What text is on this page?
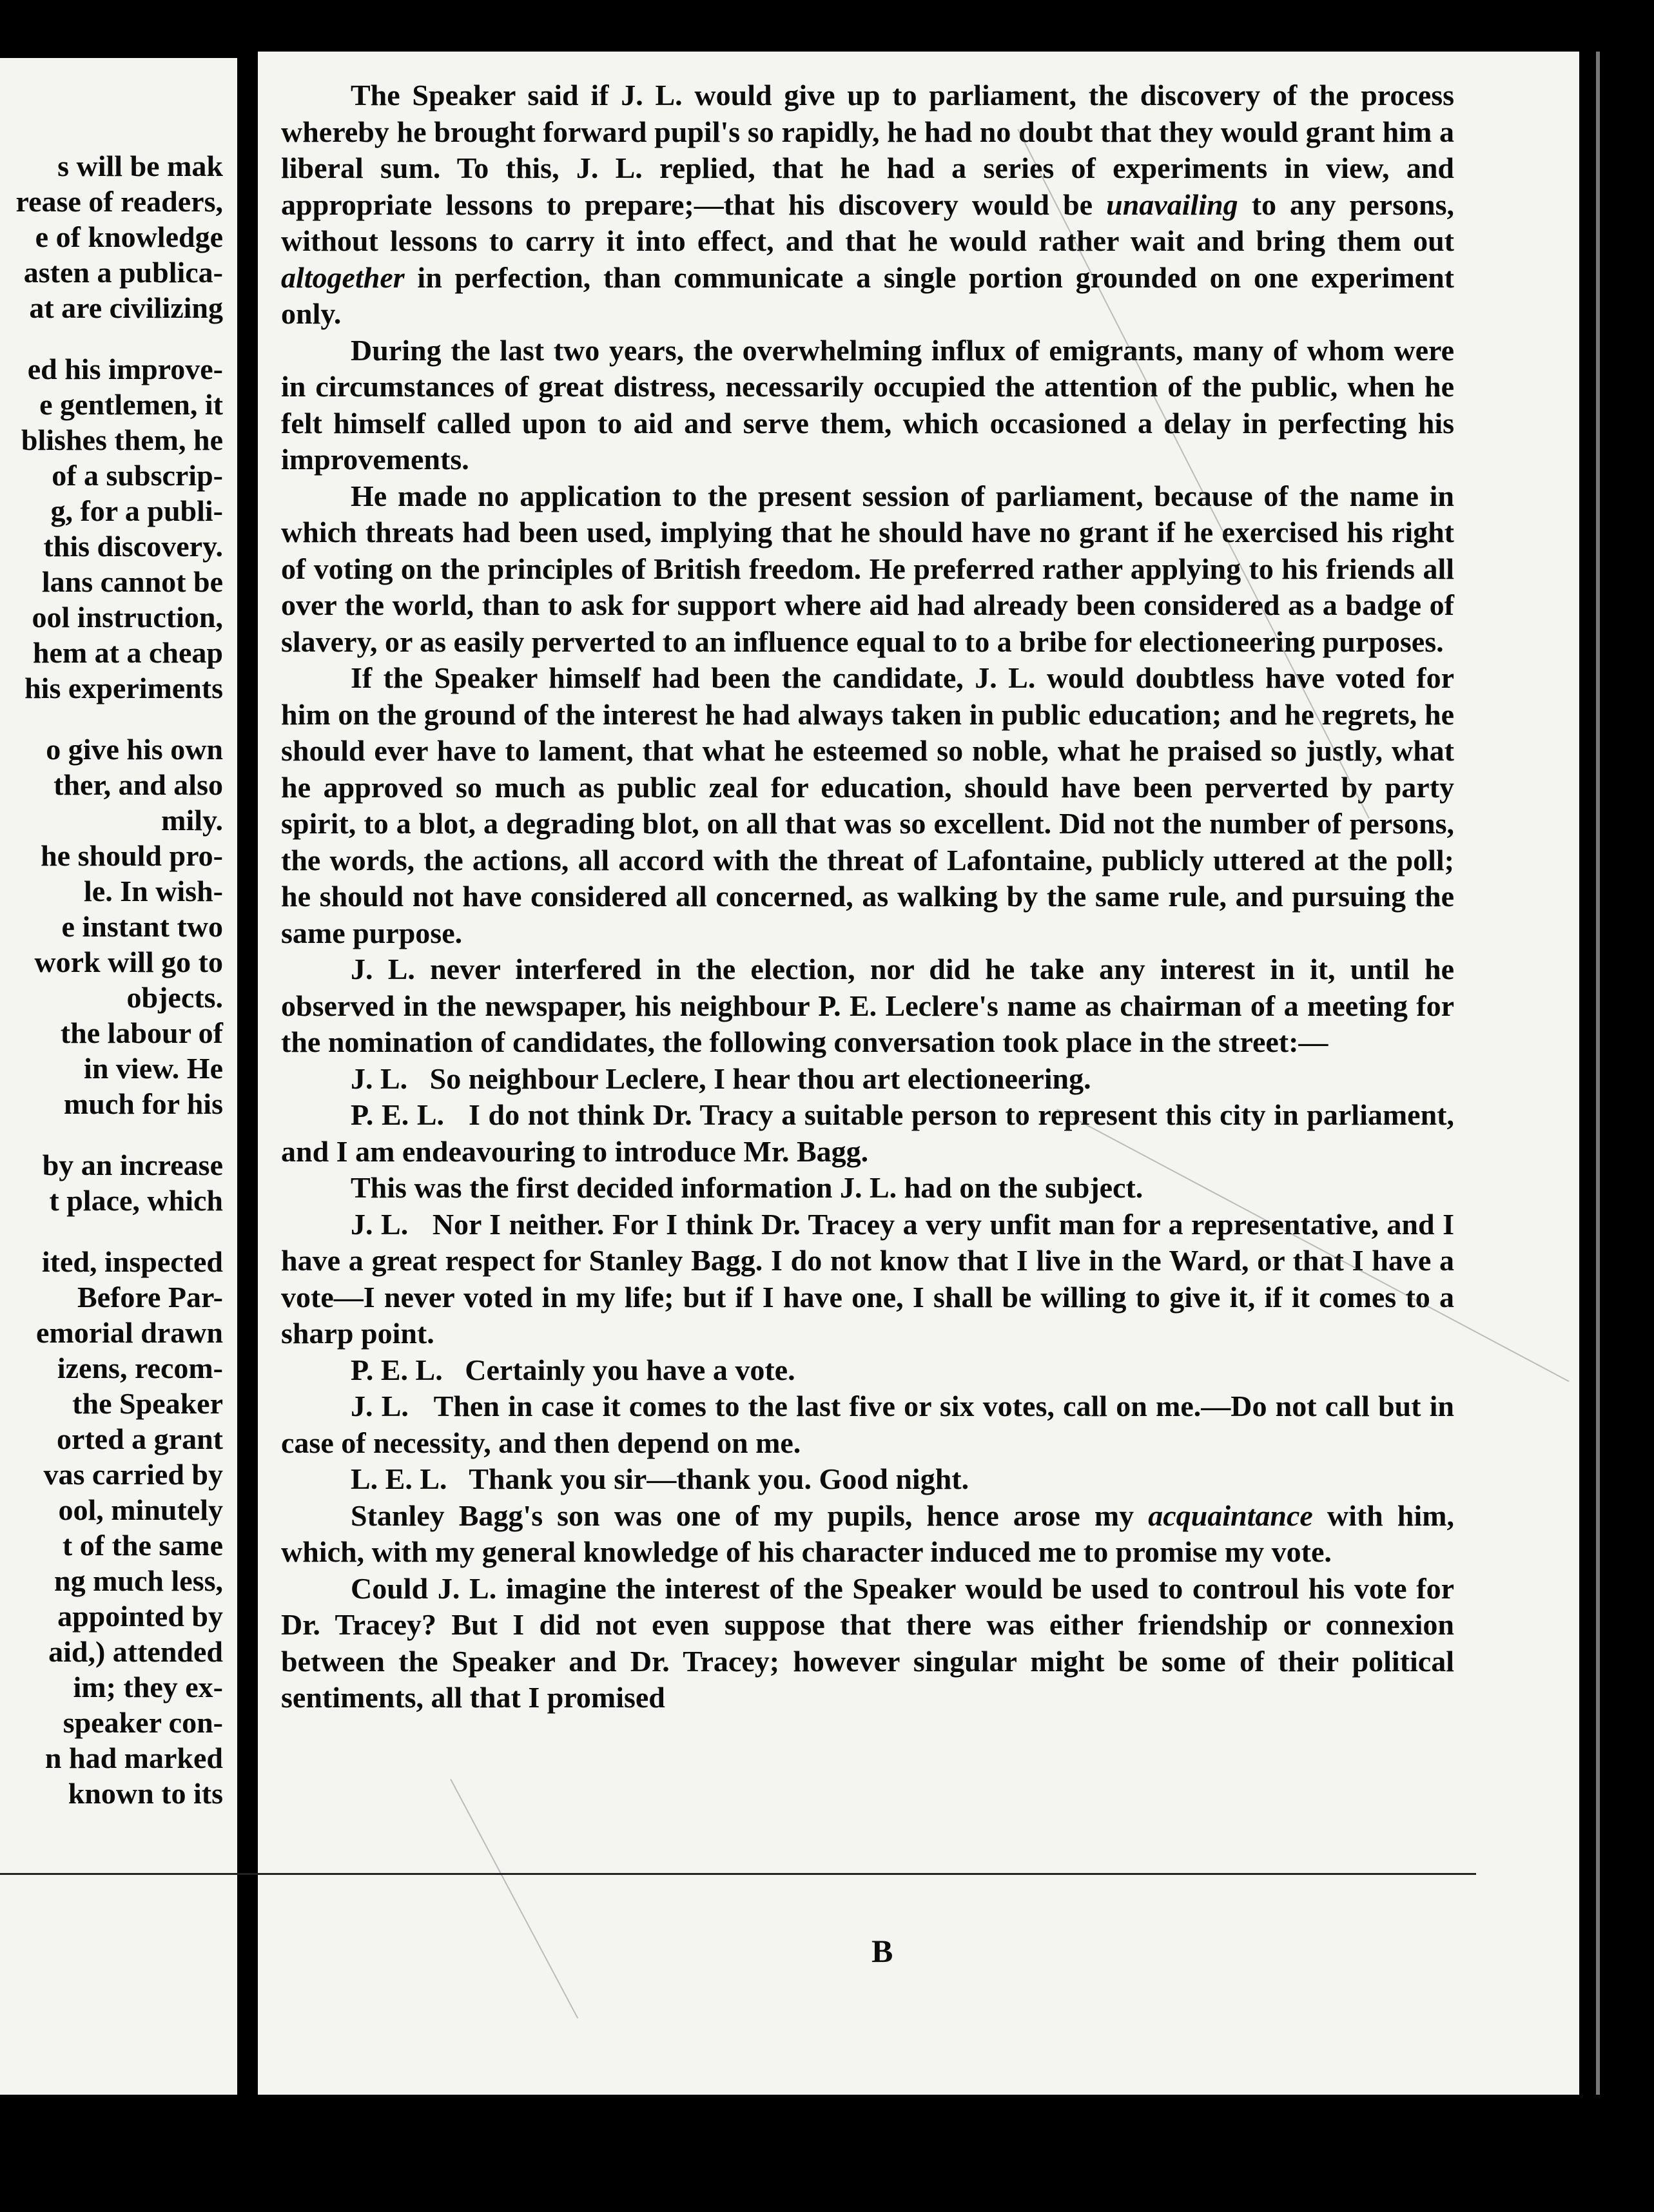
s will be mak
rease of readers,
e of knowledge
asten a publica-
at are civilizing
ed his improve-
e gentlemen, it
blishes them, he
of a subscrip-
g, for a publi-
this discovery.
lans cannot be
ool instruction,
hem at a cheap
his experiments
o give his own
ther, and also
mily.
he should pro-
le. In wish-
e instant two
work will go to
objects.
the labour of
in view. He
much for his
by an increase
t place, which
ited, inspected
Before Par-
emorial drawn
izens, recom-
the Speaker
orted a grant
vas carried by
ool, minutely
t of the same
ng much less,
appointed by
aid,) attended
im; they ex-
speaker con-
n had marked
known to its

The Speaker said if J. L. would give up to parliament, the discovery of the process whereby he brought forward pupil's so rapidly, he had no doubt that they would grant him a liberal sum. To this, J. L. replied, that he had a series of experiments in view, and appropriate lessons to prepare;—that his discovery would be unavailing to any persons, without lessons to carry it into effect, and that he would rather wait and bring them out altogether in perfection, than communicate a single portion grounded on one experiment only.

During the last two years, the overwhelming influx of emigrants, many of whom were in circumstances of great distress, necessarily occupied the attention of the public, when he felt himself called upon to aid and serve them, which occasioned a delay in perfecting his improvements.

He made no application to the present session of parliament, because of the name in which threats had been used, implying that he should have no grant if he exercised his right of voting on the principles of British freedom. He preferred rather applying to his friends all over the world, than to ask for support where aid had already been considered as a badge of slavery, or as easily perverted to an influence equal to to a bribe for electioneering purposes.

If the Speaker himself had been the candidate, J. L. would doubtless have voted for him on the ground of the interest he had always taken in public education; and he regrets, he should ever have to lament, that what he esteemed so noble, what he praised so justly, what he approved so much as public zeal for education, should have been perverted by party spirit, to a blot, a degrading blot, on all that was so excellent. Did not the number of persons, the words, the actions, all accord with the threat of Lafontaine, publicly uttered at the poll; he should not have considered all concerned, as walking by the same rule, and pursuing the same purpose.

J. L. never interfered in the election, nor did he take any interest in it, until he observed in the newspaper, his neighbour P. E. Leclere's name as chairman of a meeting for the nomination of candidates, the following conversation took place in the street:—

J. L.   So neighbour Leclere, I hear thou art electioneering.

P. E. L.   I do not think Dr. Tracy a suitable person to represent this city in parliament, and I am endeavouring to introduce Mr. Bagg.

This was the first decided information J. L. had on the subject.

J. L.   Nor I neither. For I think Dr. Tracey a very unfit man for a representative, and I have a great respect for Stanley Bagg. I do not know that I live in the Ward, or that I have a vote—I never voted in my life; but if I have one, I shall be willing to give it, if it comes to a sharp point.

P. E. L.   Certainly you have a vote.

J. L.   Then in case it comes to the last five or six votes, call on me.—Do not call but in case of necessity, and then depend on me.

L. E. L.   Thank you sir—thank you. Good night.

Stanley Bagg's son was one of my pupils, hence arose my acquaintance with him, which, with my general knowledge of his character induced me to promise my vote.

Could J. L. imagine the interest of the Speaker would be used to controul his vote for Dr. Tracey? But I did not even suppose that there was either friendship or connexion between the Speaker and Dr. Tracey; however singular might be some of their political sentiments, all that I promised

B
